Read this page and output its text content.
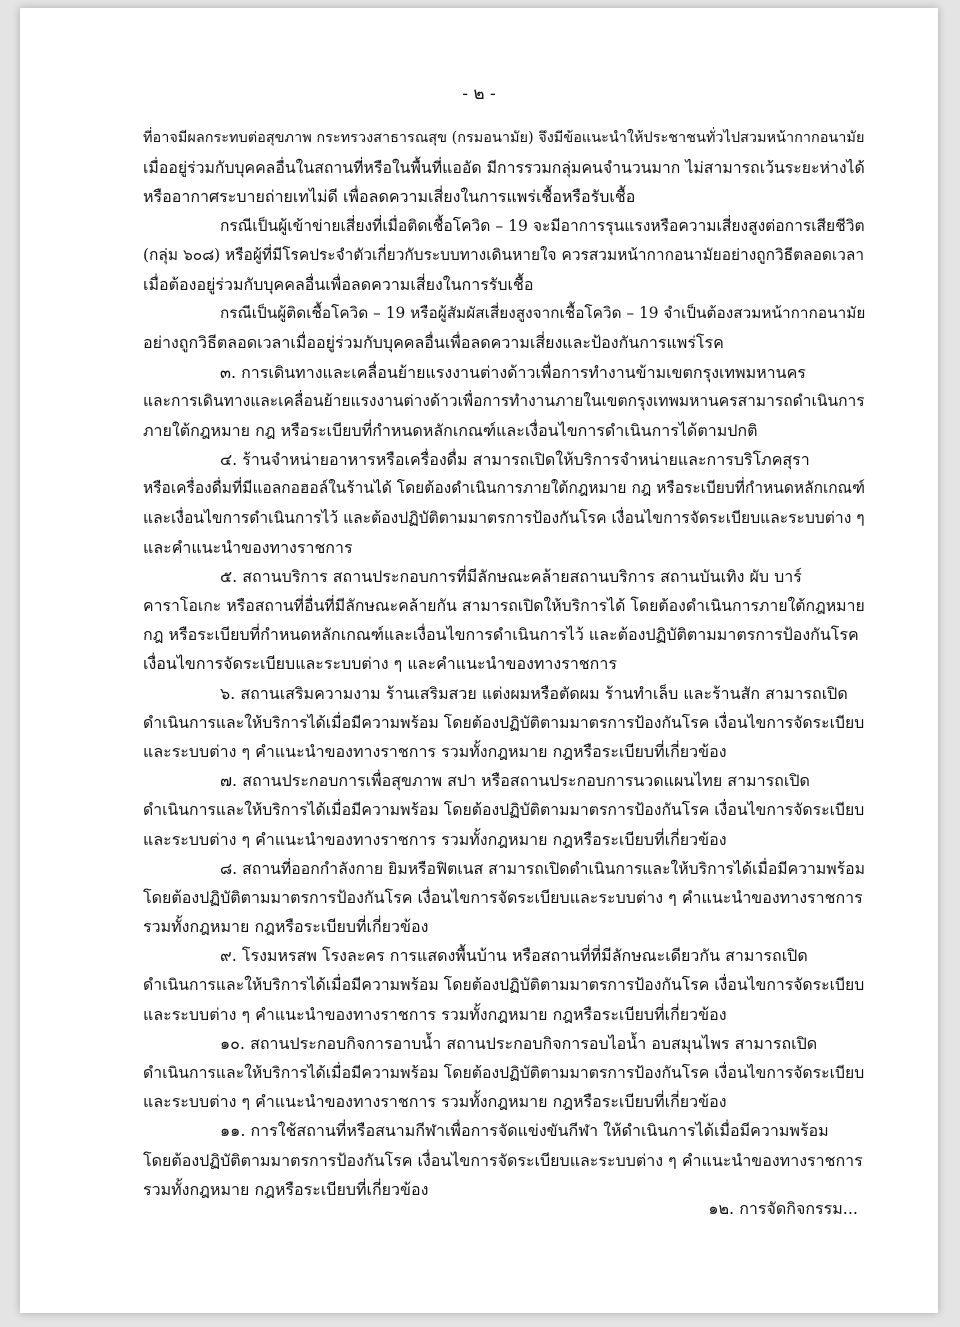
- ๒ -
ที่อาจมีผลกระทบต่อสุขภาพ กระทรวงสาธารณสุข (กรมอนามัย) จึงมีข้อแนะนำให้ประชาชนทั่วไปสวมหน้ากากอนามัย
เมื่ออยู่ร่วมกับบุคคลอื่นในสถานที่หรือในพื้นที่แออัด มีการรวมกลุ่มคนจำนวนมาก ไม่สามารถเว้นระยะห่างได้
หรืออากาศระบายถ่ายเทไม่ดี เพื่อลดความเสี่ยงในการแพร่เชื้อหรือรับเชื้อ
กรณีเป็นผู้เข้าข่ายเสี่ยงที่เมื่อติดเชื้อโควิด – 19 จะมีอาการรุนแรงหรือความเสี่ยงสูงต่อการเสียชีวิต
(กลุ่ม ๖๐๘) หรือผู้ที่มีโรคประจำตัวเกี่ยวกับระบบทางเดินหายใจ ควรสวมหน้ากากอนามัยอย่างถูกวิธีตลอดเวลา
เมื่อต้องอยู่ร่วมกับบุคคลอื่นเพื่อลดความเสี่ยงในการรับเชื้อ
กรณีเป็นผู้ติดเชื้อโควิด – 19 หรือผู้สัมผัสเสี่ยงสูงจากเชื้อโควิด – 19 จำเป็นต้องสวมหน้ากากอนามัย
อย่างถูกวิธีตลอดเวลาเมื่ออยู่ร่วมกับบุคคลอื่นเพื่อลดความเสี่ยงและป้องกันการแพร่โรค
๓. การเดินทางและเคลื่อนย้ายแรงงานต่างด้าวเพื่อการทำงานข้ามเขตกรุงเทพมหานคร
และการเดินทางและเคลื่อนย้ายแรงงานต่างด้าวเพื่อการทำงานภายในเขตกรุงเทพมหานครสามารถดำเนินการ
ภายใต้กฎหมาย กฎ หรือระเบียบที่กำหนดหลักเกณฑ์และเงื่อนไขการดำเนินการได้ตามปกติ
๔. ร้านจำหน่ายอาหารหรือเครื่องดื่ม สามารถเปิดให้บริการจำหน่ายและการบริโภคสุรา
หรือเครื่องดื่มที่มีแอลกอฮอล์ในร้านได้ โดยต้องดำเนินการภายใต้กฎหมาย กฎ หรือระเบียบที่กำหนดหลักเกณฑ์
และเงื่อนไขการดำเนินการไว้ และต้องปฏิบัติตามมาตรการป้องกันโรค เงื่อนไขการจัดระเบียบและระบบต่าง ๆ
และคำแนะนำของทางราชการ
๕. สถานบริการ สถานประกอบการที่มีลักษณะคล้ายสถานบริการ สถานบันเทิง ผับ บาร์
คาราโอเกะ หรือสถานที่อื่นที่มีลักษณะคล้ายกัน สามารถเปิดให้บริการได้ โดยต้องดำเนินการภายใต้กฎหมาย
กฎ หรือระเบียบที่กำหนดหลักเกณฑ์และเงื่อนไขการดำเนินการไว้ และต้องปฏิบัติตามมาตรการป้องกันโรค
เงื่อนไขการจัดระเบียบและระบบต่าง ๆ และคำแนะนำของทางราชการ
๖. สถานเสริมความงาม ร้านเสริมสวย แต่งผมหรือตัดผม ร้านทำเล็บ และร้านสัก สามารถเปิด
ดำเนินการและให้บริการได้เมื่อมีความพร้อม โดยต้องปฏิบัติตามมาตรการป้องกันโรค เงื่อนไขการจัดระเบียบ
และระบบต่าง ๆ คำแนะนำของทางราชการ รวมทั้งกฎหมาย กฎหรือระเบียบที่เกี่ยวข้อง
๗. สถานประกอบการเพื่อสุขภาพ สปา หรือสถานประกอบการนวดแผนไทย สามารถเปิด
ดำเนินการและให้บริการได้เมื่อมีความพร้อม โดยต้องปฏิบัติตามมาตรการป้องกันโรค เงื่อนไขการจัดระเบียบ
และระบบต่าง ๆ คำแนะนำของทางราชการ รวมทั้งกฎหมาย กฎหรือระเบียบที่เกี่ยวข้อง
๘. สถานที่ออกกำลังกาย ยิมหรือฟิตเนส สามารถเปิดดำเนินการและให้บริการได้เมื่อมีความพร้อม
โดยต้องปฏิบัติตามมาตรการป้องกันโรค เงื่อนไขการจัดระเบียบและระบบต่าง ๆ คำแนะนำของทางราชการ
รวมทั้งกฎหมาย กฎหรือระเบียบที่เกี่ยวข้อง
๙. โรงมหรสพ โรงละคร การแสดงพื้นบ้าน หรือสถานที่ที่มีลักษณะเดียวกัน สามารถเปิด
ดำเนินการและให้บริการได้เมื่อมีความพร้อม โดยต้องปฏิบัติตามมาตรการป้องกันโรค เงื่อนไขการจัดระเบียบ
และระบบต่าง ๆ คำแนะนำของทางราชการ รวมทั้งกฎหมาย กฎหรือระเบียบที่เกี่ยวข้อง
๑๐. สถานประกอบกิจการอาบน้ำ สถานประกอบกิจการอบไอน้ำ อบสมุนไพร สามารถเปิด
ดำเนินการและให้บริการได้เมื่อมีความพร้อม โดยต้องปฏิบัติตามมาตรการป้องกันโรค เงื่อนไขการจัดระเบียบ
และระบบต่าง ๆ คำแนะนำของทางราชการ รวมทั้งกฎหมาย กฎหรือระเบียบที่เกี่ยวข้อง
๑๑. การใช้สถานที่หรือสนามกีฬาเพื่อการจัดแข่งขันกีฬา ให้ดำเนินการได้เมื่อมีความพร้อม
โดยต้องปฏิบัติตามมาตรการป้องกันโรค เงื่อนไขการจัดระเบียบและระบบต่าง ๆ คำแนะนำของทางราชการ
รวมทั้งกฎหมาย กฎหรือระเบียบที่เกี่ยวข้อง
๑๒. การจัดกิจกรรม...
